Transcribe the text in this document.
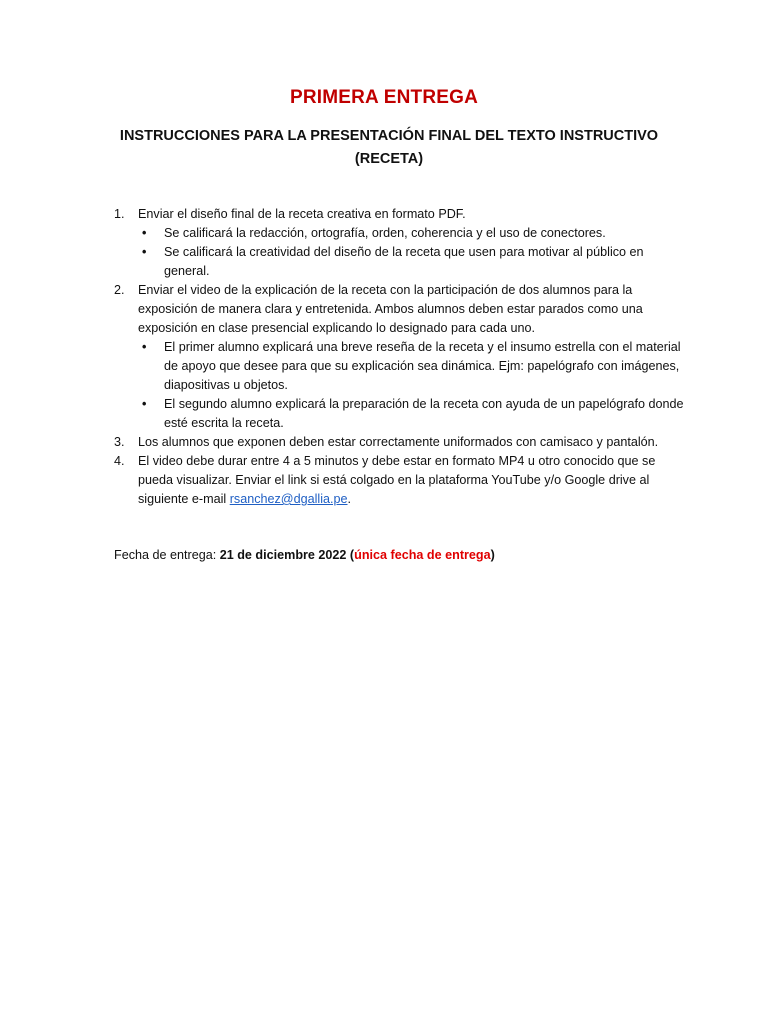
PRIMERA ENTREGA
INSTRUCCIONES PARA LA PRESENTACIÓN FINAL DEL TEXTO INSTRUCTIVO (RECETA)
1. Enviar el diseño final de la receta creativa en formato PDF.
• Se calificará la redacción, ortografía, orden, coherencia y el uso de conectores.
• Se calificará la creatividad del diseño de la receta que usen para motivar al público en general.
2. Enviar el video de la explicación de la receta con la participación de dos alumnos para la exposición de manera clara y entretenida. Ambos alumnos deben estar parados como una exposición en clase presencial explicando lo designado para cada uno.
• El primer alumno explicará una breve reseña de la receta y el insumo estrella con el material de apoyo que desee para que su explicación sea dinámica. Ejm: papelógrafo con imágenes, diapositivas u objetos.
• El segundo alumno explicará la preparación de la receta con ayuda de un papelógrafo donde esté escrita la receta.
3. Los alumnos que exponen deben estar correctamente uniformados con camisaco y pantalón.
4. El video debe durar entre 4 a 5 minutos y debe estar en formato MP4 u otro conocido que se pueda visualizar. Enviar el link si está colgado en la plataforma YouTube y/o Google drive al siguiente e-mail rsanchez@dgallia.pe.
Fecha de entrega: 21 de diciembre 2022 (única fecha de entrega)
